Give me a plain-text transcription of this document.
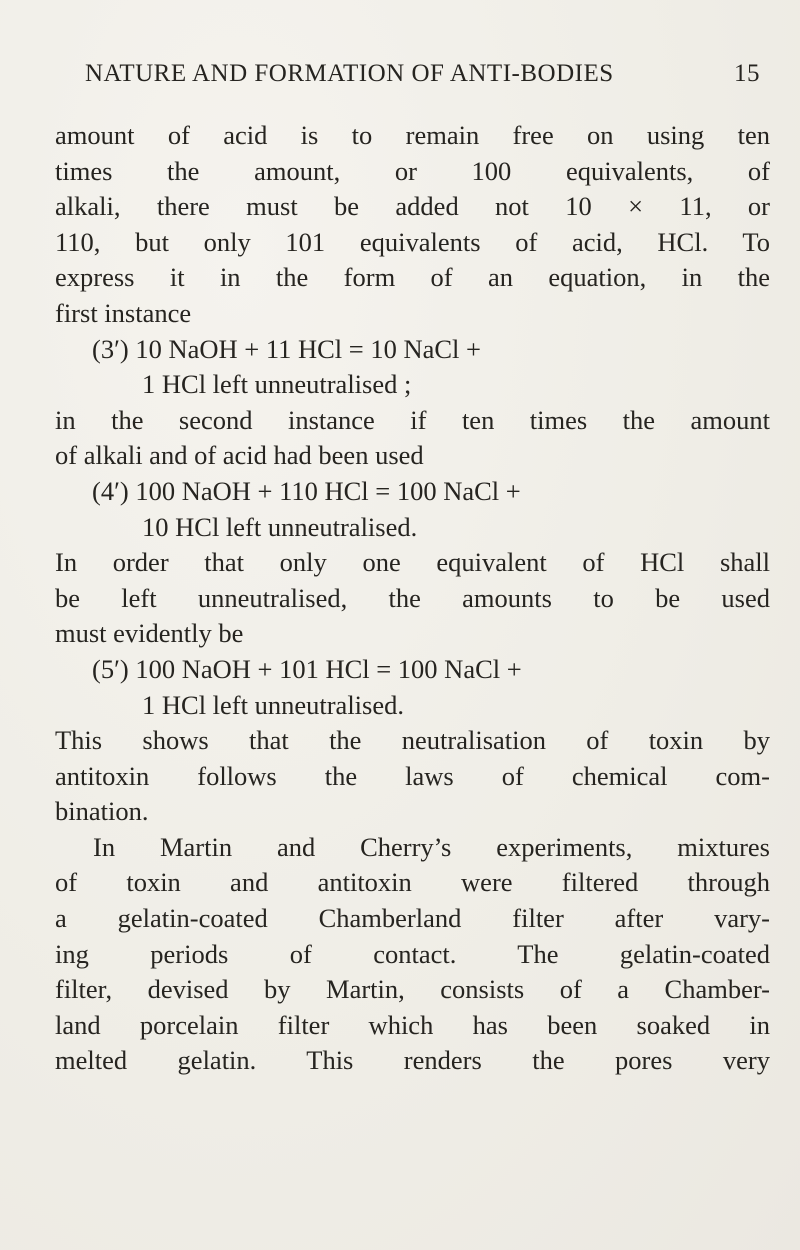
NATURE AND FORMATION OF ANTI-BODIES	15
amount of acid is to remain free on using ten
times the amount, or 100 equivalents, of
alkali, there must be added not 10 × 11, or
110, but only 101 equivalents of acid, HCl. To
express it in the form of an equation, in the
first instance
(3′) 10 NaOH + 11 HCl = 10 NaCl +
1 HCl left unneutralised ;
in the second instance if ten times the amount
of alkali and of acid had been used
(4′) 100 NaOH + 110 HCl = 100 NaCl +
10 HCl left unneutralised.
In order that only one equivalent of HCl shall
be left unneutralised, the amounts to be used
must evidently be
(5′) 100 NaOH + 101 HCl = 100 NaCl +
1 HCl left unneutralised.
This shows that the neutralisation of toxin by
antitoxin follows the laws of chemical com-
bination.
In Martin and Cherry’s experiments, mixtures
of toxin and antitoxin were filtered through
a gelatin-coated Chamberland filter after vary-
ing periods of contact. The gelatin-coated
filter, devised by Martin, consists of a Chamber-
land porcelain filter which has been soaked in
melted gelatin. This renders the pores very
